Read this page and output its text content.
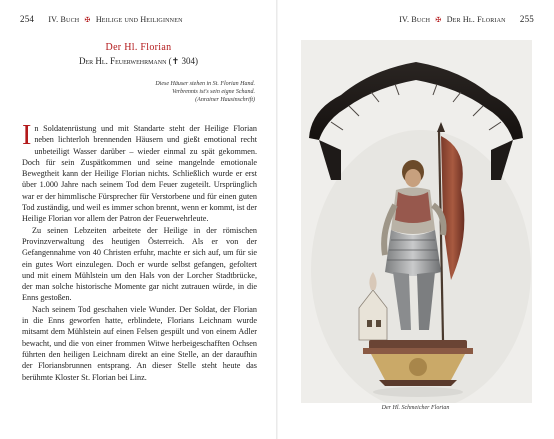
254 IV. Buch ✠ Heilige und Heiliginnen
Der Hl. Florian
Der Hl. Feuerwehrmann (✝ 304)
Diese Häuser stehen in St. Florian Hand.
Verbrennts ist's sein eigne Schand.
(Anrainer Hausinschrift)

In Soldatenrüstung und mit Standarte steht der Heilige Florian neben lichterloh brennenden Häusern und gießt emotional recht unbeteiligt Wasser darüber – wieder einmal zu spät gekommen. Doch für sein Zuspätkommen und seine mangelnde emotionale Bewegtheit kann der Heilige Florian nichts. Schließlich wurde er erst über 1.000 Jahre nach seinem Tod dem Feuer zugeteilt. Ursprünglich war er der himmlische Fürsprecher für Verstorbene und für einen guten Tod zuständig, und weil es immer schon brennt, wenn er kommt, ist der Heilige Florian vor allem der Patron der Feuerwehrleute.

Zu seinen Lebzeiten arbeitete der Heilige in der römischen Provinzverwaltung des heutigen Österreich. Als er von der Gefangennahme von 40 Christen erfuhr, machte er sich auf, um für sie ein gutes Wort einzulegen. Doch er wurde selbst gefangen, gefoltert und mit einem Mühlstein um den Hals von der Lorcher Stadtbrücke, der man solche historische Momente gar nicht zutrauen würde, in die Enns gestoßen.

Nach seinem Tod geschahen viele Wunder. Der Soldat, der Florian in die Enns geworfen hatte, erblindete, Florians Leichnam wurde mitsamt dem Mühlstein auf einen Felsen gespült und von einem Adler bewacht, und die von einer frommen Witwe herbeigeschafften Ochsen führten den heiligen Leichnam direkt an eine Stelle, an der daraufhin der Floriansbrunnen entsprang. An dieser Stelle steht heute das berühmte Kloster St. Florian bei Linz.

IV. Buch ✠ Der Hl. Florian 255
Der Hl. Schmeicher Florian
